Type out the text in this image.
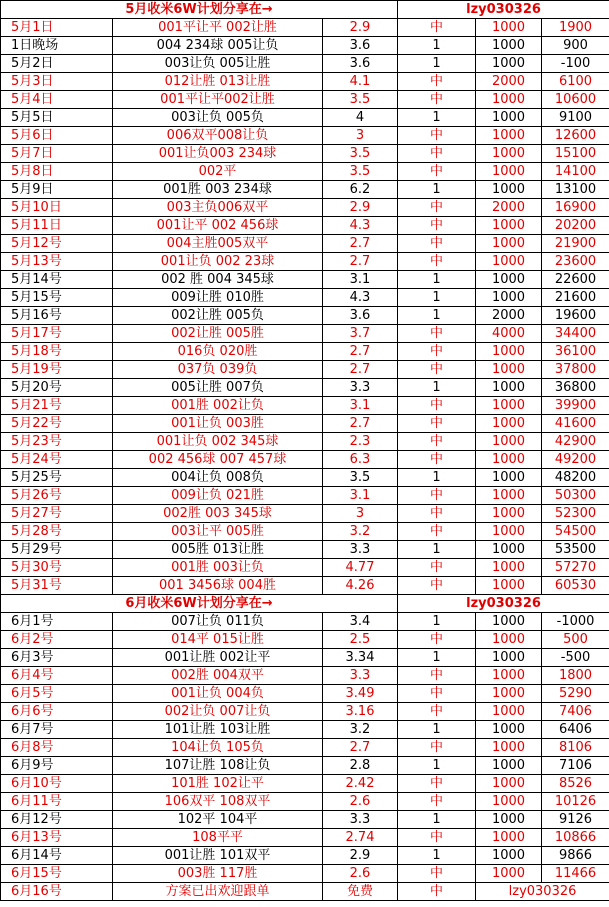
5月收米6W计划分享在→			lzy030326		
5月1日	001平让平 002让胜	2.9	中	1000	1900
1日晚场	004 234球 005让负	3.6	1	1000	900
5月2日	003让负 005让胜	3.6	1	1000	-100
5月3日	012让胜 013让胜	4.1	中	2000	6100
5月4日	001平让平002让胜	3.5	中	1000	10600
5月5日	003让负 005负	4	1	1000	9100
5月6日	006双平008让负	3	中	1000	12600
5月7日	001让负003 234球	3.5	中	1000	15100
5月8日	002平	3.5	中	1000	14100
5月9日	001胜 003 234球	6.2	1	1000	13100
5月10日	003主负006双平	2.9	中	2000	16900
5月11日	001让平 002 456球	4.3	中	1000	20200
5月12号	004主胜005双平	2.7	中	1000	21900
5月13号	001让负 002 23球	2.7	中	1000	23600
5月14号	002 胜 004 345球	3.1	1	1000	22600
5月15号	009让胜 010胜	4.3	1	1000	21600
5月16号	002让胜 005负	3.6	1	2000	19600
5月17号	002让胜 005胜	3.7	中	4000	34400
5月18号	016负 020胜	2.7	中	1000	36100
5月19号	037负 039负	2.7	中	1000	37800
5月20号	005让胜 007负	3.3	1	1000	36800
5月21号	001胜 002让负	3.1	中	1000	39900
5月22号	001让负 003胜	2.7	中	1000	41600
5月23号	001让负 002 345球	2.3	中	1000	42900
5月24号	002 456球 007 457球	6.3	中	1000	49200
5月25号	004让负 008负	3.5	1	1000	48200
5月26号	009让负 021胜	3.1	中	1000	50300
5月27号	002胜 003 345球	3	中	1000	52300
5月28号	003让平 005胜	3.2	中	1000	54500
5月29号	005胜 013让胜	3.3	1	1000	53500
5月30号	001胜 003让负	4.77	中	1000	57270
5月31号	001 3456球 004胜	4.26	中	1000	60530
6月收米6W计划分享在→			lzy030326		
6月1号	007让负 011负	3.4	1	1000	-1000
6月2号	014平 015让胜	2.5	中	1000	500
6月3号	001让胜 002让平	3.34	1	1000	-500
6月4号	002胜 004双平	3.3	中	1000	1800
6月5号	001让负 004负	3.49	中	1000	5290
6月6号	002让负 007让负	3.16	中	1000	7406
6月7号	101让胜 103让胜	3.2	1	1000	6406
6月8号	104让负 105负	2.7	中	1000	8106
6月9号	107让胜 108让负	2.8	1	1000	7106
6月10号	101胜 102让平	2.42	中	1000	8526
6月11号	106双平 108双平	2.6	中	1000	10126
6月12号	102平 104平	3.3	1	1000	9126
6月13号	108平平	2.74	中	1000	10866
6月14号	001让胜 101双平	2.9	1	1000	9866
6月15号	003胜 117胜	2.6	中	1000	11466
6月16号	方案已出欢迎跟单	免费	中	lzy030326	
